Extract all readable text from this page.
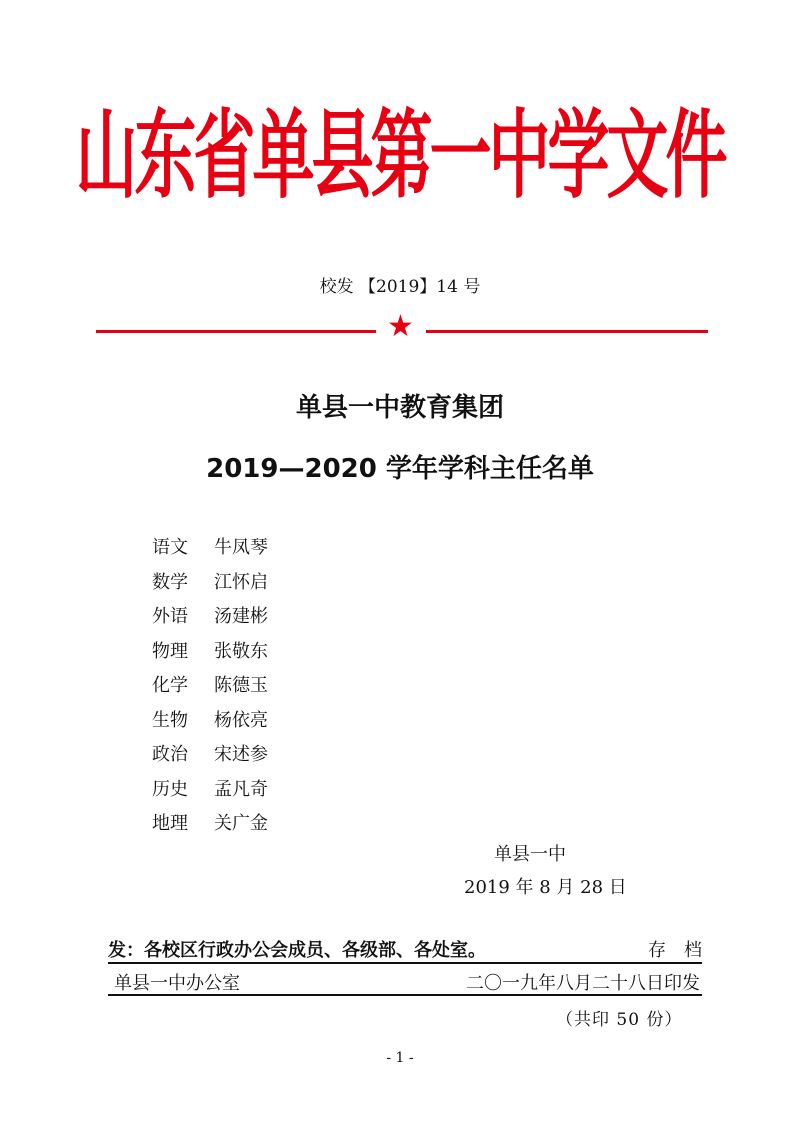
山东省单县第一中学文件
校发 【2019】14 号
★
单县一中教育集团
2019—2020 学年学科主任名单
语文	牛凤琴
数学	江怀启
外语	汤建彬
物理	张敬东
化学	陈德玉
生物	杨依亮
政治	宋述参
历史	孟凡奇
地理	关广金
单县一中
2019 年 8 月 28 日
发：各校区行政办公会成员、各级部、各处室。	存　档
单县一中办公室	二〇一九年八月二十八日印发
（共印 50 份）
- 1 -
